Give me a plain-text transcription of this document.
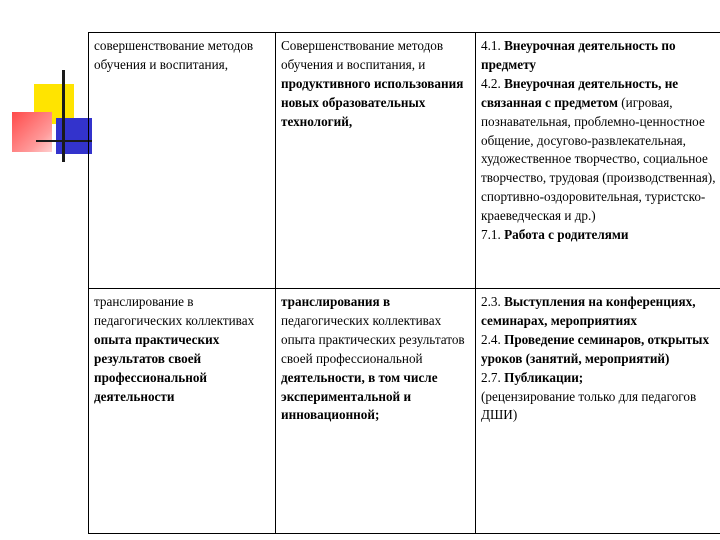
совершенствование методов обучения и воспитания,	Совершенствование методов обучения и воспитания, и продуктивного использования новых образовательных технологий,	4.1. Внеурочная деятельность по предмету
4.2. Внеурочная деятельность, не связанная с предметом (игровая, познавательная, проблемно-ценностное общение, досугово-развлекательная, художественное творчество, социальное творчество, трудовая (производственная), спортивно-оздоровительная, туристско-краеведческая и др.)
7.1. Работа с родителями
транслирование в педагогических коллективах опыта практических результатов своей профессиональной деятельности	транслирования в педагогических коллективах опыта практических результатов своей профессиональной деятельности, в том числе экспериментальной и инновационной;	2.3. Выступления на конференциях, семинарах, мероприятиях
2.4. Проведение семинаров, открытых уроков (занятий, мероприятий)
2.7. Публикации;
(рецензирование только для педагогов ДШИ)
